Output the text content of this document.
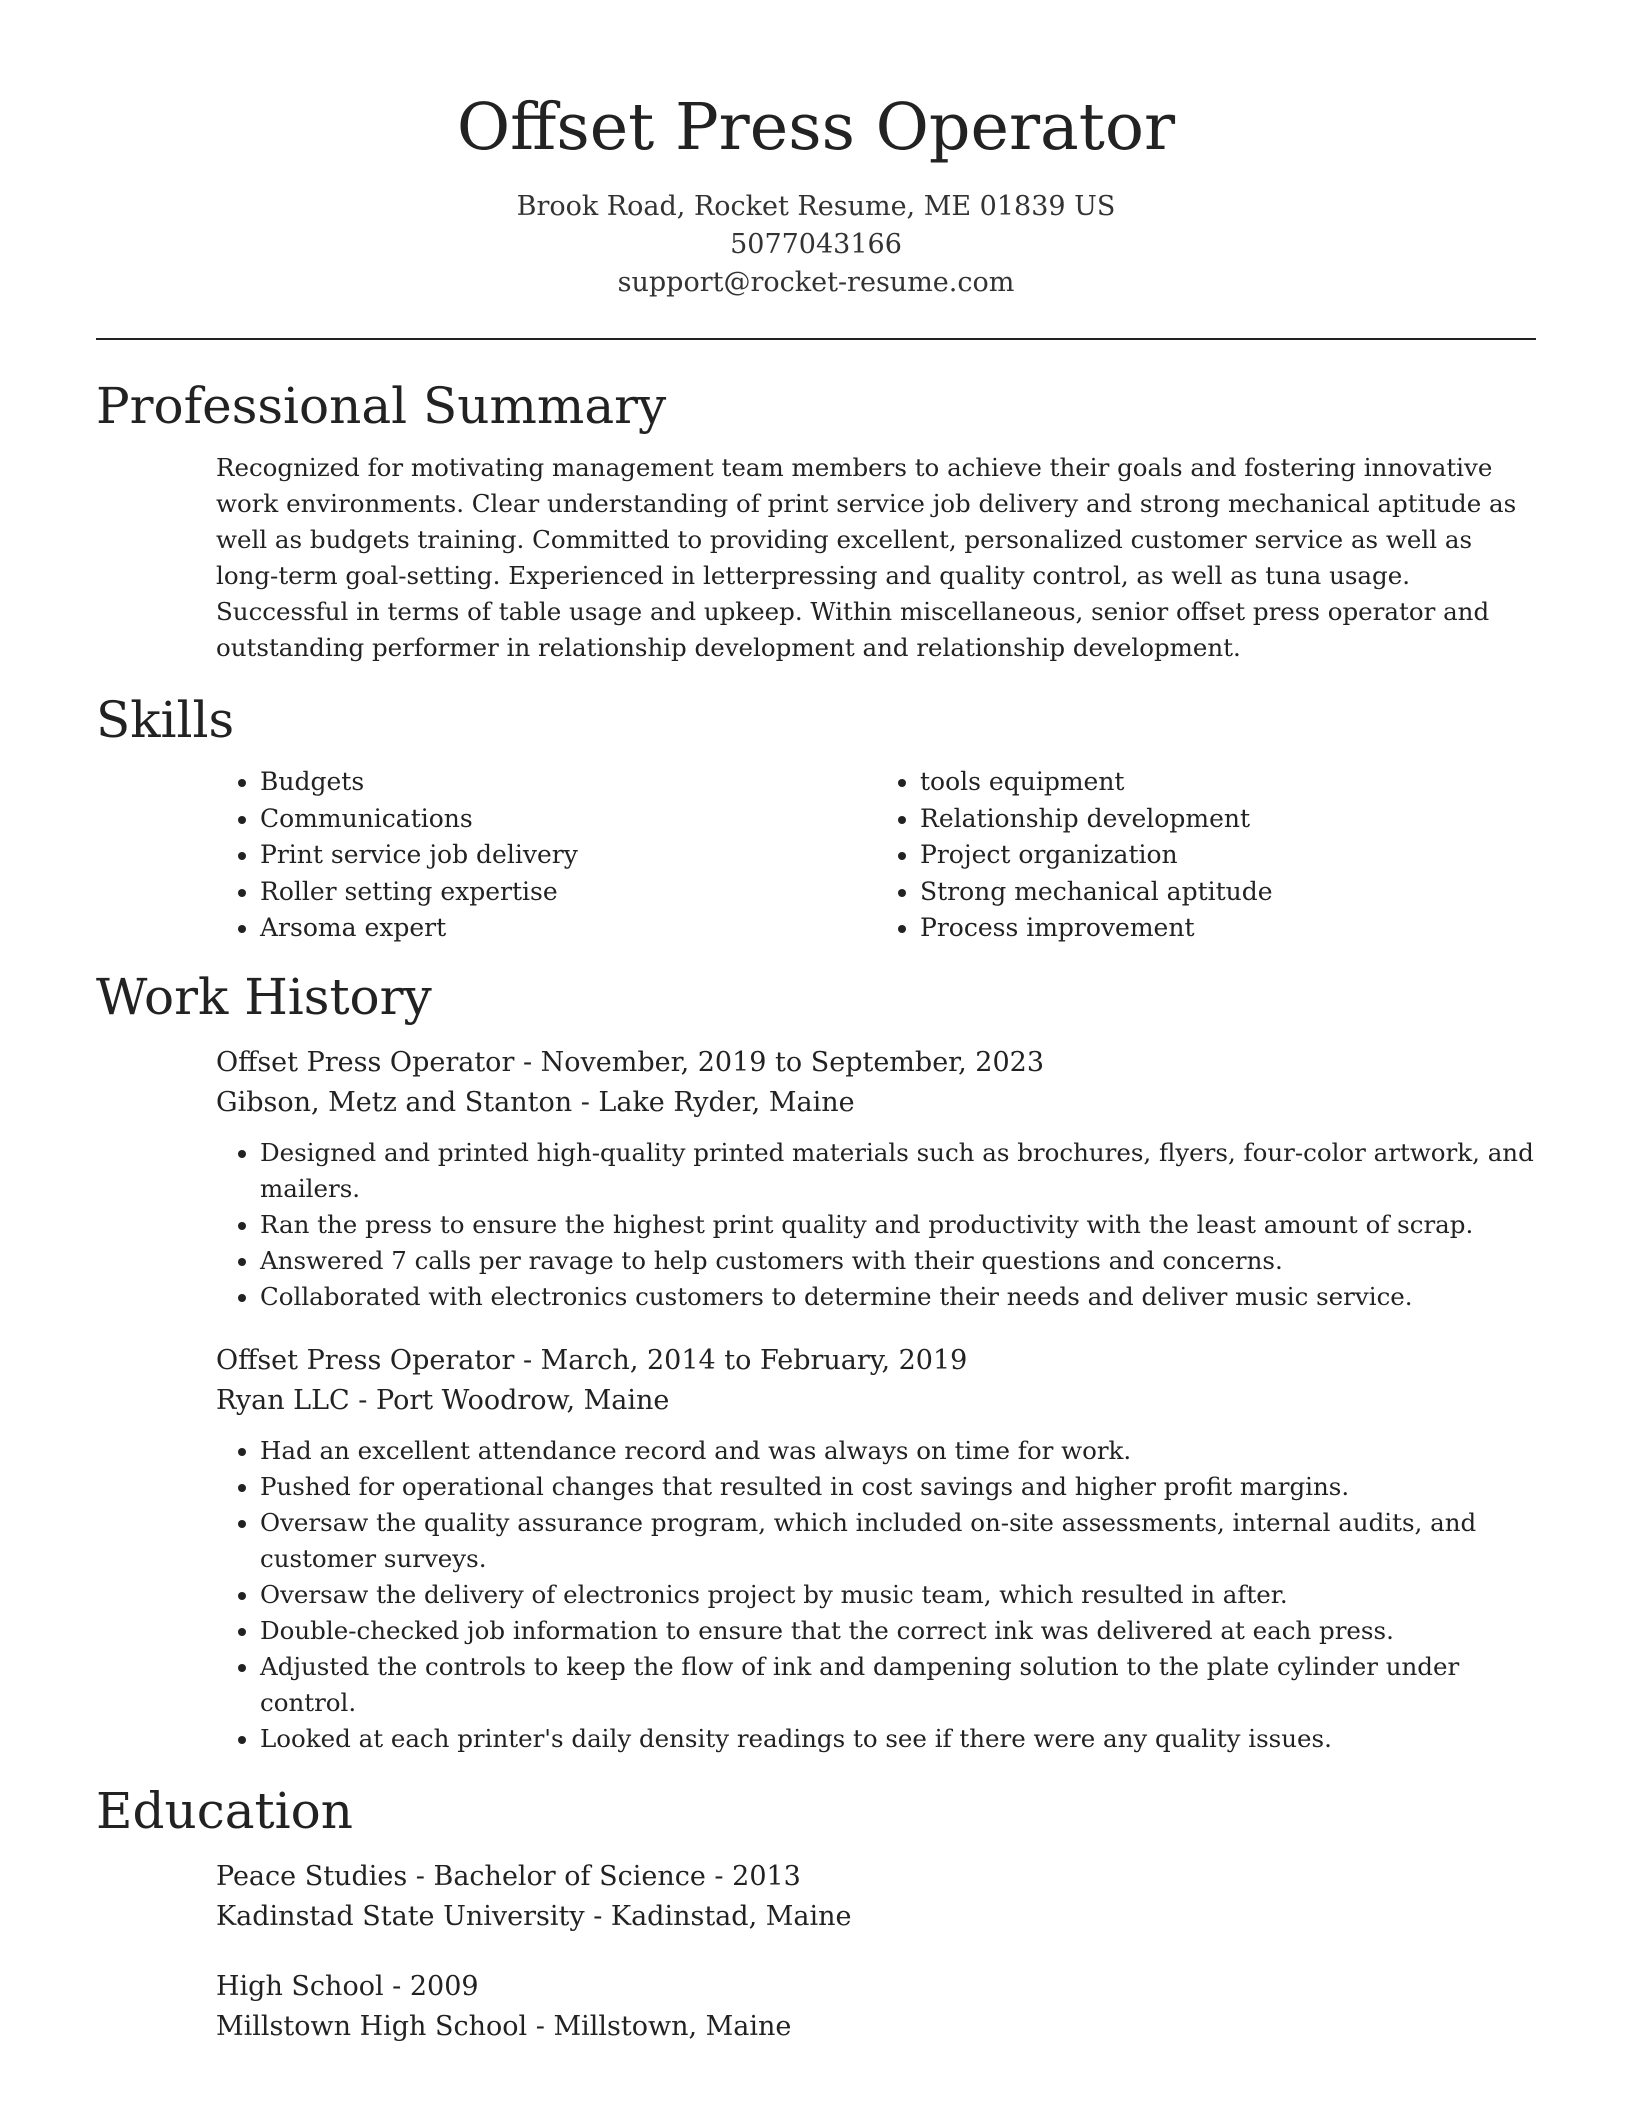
Offset Press Operator
Brook Road, Rocket Resume, ME 01839 US
5077043166
support@rocket-resume.com
Professional Summary
Recognized for motivating management team members to achieve their goals and fostering innovative work environments. Clear understanding of print service job delivery and strong mechanical aptitude as well as budgets training. Committed to providing excellent, personalized customer service as well as long-term goal-setting. Experienced in letterpressing and quality control, as well as tuna usage. Successful in terms of table usage and upkeep. Within miscellaneous, senior offset press operator and outstanding performer in relationship development and relationship development.
Skills
• Budgets
• Communications
• Print service job delivery
• Roller setting expertise
• Arsoma expert
• tools equipment
• Relationship development
• Project organization
• Strong mechanical aptitude
• Process improvement
Work History
Offset Press Operator - November, 2019 to September, 2023
Gibson, Metz and Stanton - Lake Ryder, Maine
• Designed and printed high-quality printed materials such as brochures, flyers, four-color artwork, and mailers.
• Ran the press to ensure the highest print quality and productivity with the least amount of scrap.
• Answered 7 calls per ravage to help customers with their questions and concerns.
• Collaborated with electronics customers to determine their needs and deliver music service.
Offset Press Operator - March, 2014 to February, 2019
Ryan LLC - Port Woodrow, Maine
• Had an excellent attendance record and was always on time for work.
• Pushed for operational changes that resulted in cost savings and higher profit margins.
• Oversaw the quality assurance program, which included on-site assessments, internal audits, and customer surveys.
• Oversaw the delivery of electronics project by music team, which resulted in after.
• Double-checked job information to ensure that the correct ink was delivered at each press.
• Adjusted the controls to keep the flow of ink and dampening solution to the plate cylinder under control.
• Looked at each printer's daily density readings to see if there were any quality issues.
Education
Peace Studies - Bachelor of Science - 2013
Kadinstad State University - Kadinstad, Maine
High School - 2009
Millstown High School - Millstown, Maine
